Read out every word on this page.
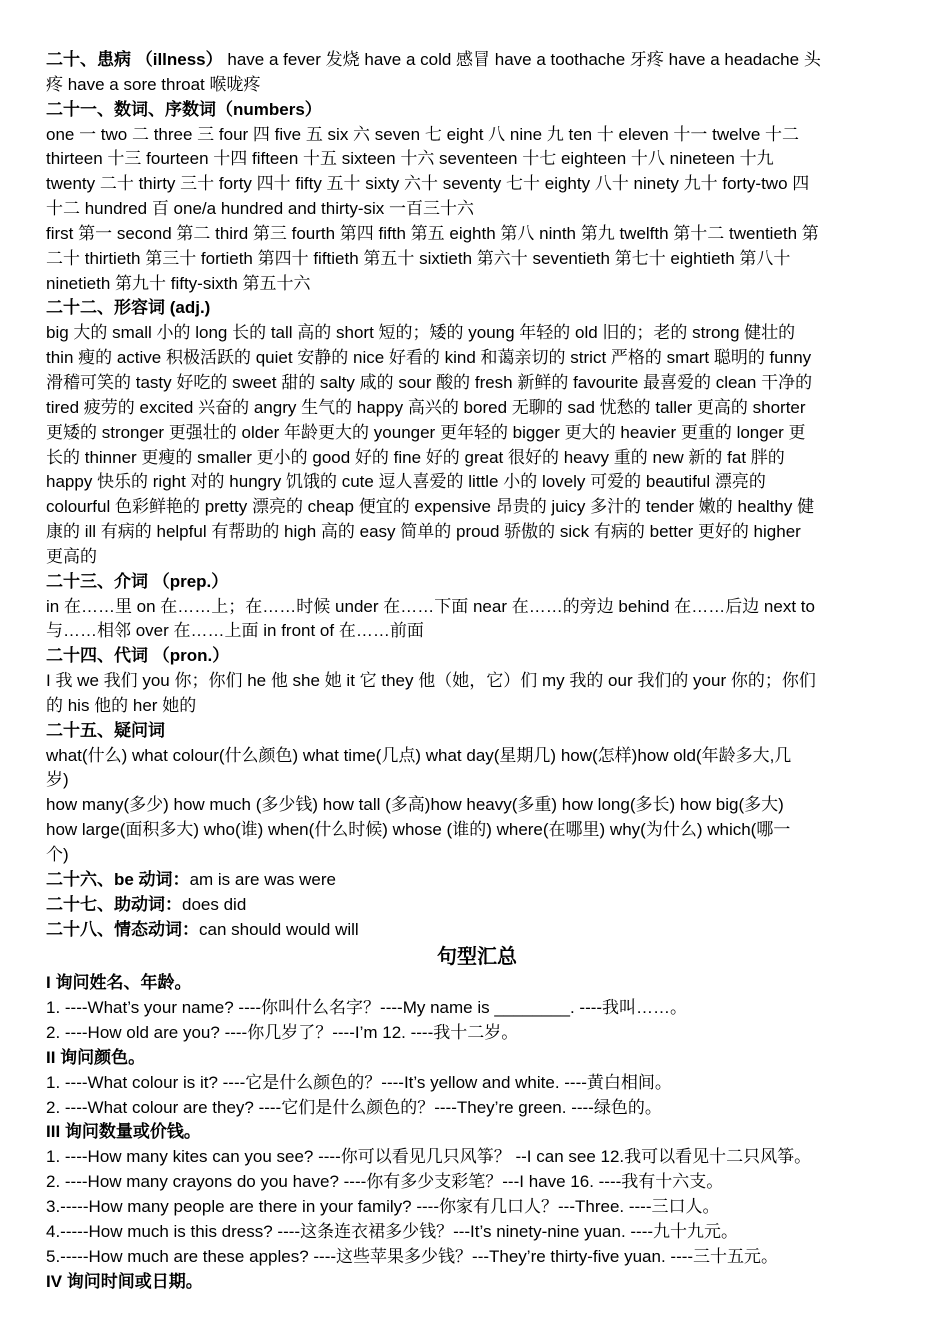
二十、患病 （illness） have a fever 发烧 have a cold 感冒 have a toothache 牙疼 have a headache 头
疼 have a sore throat 喉咙疼
二十一、数词、序数词（numbers）
one 一 two 二 three 三 four 四 five 五 six 六 seven 七 eight 八 nine 九 ten 十 eleven 十一 twelve 十二
thirteen 十三 fourteen 十四 fifteen 十五 sixteen 十六 seventeen 十七 eighteen 十八 nineteen 十九
twenty 二十 thirty 三十 forty 四十 fifty 五十 sixty 六十 seventy 七十 eighty 八十 ninety 九十 forty-two 四
十二 hundred 百 one/a hundred and thirty-six 一百三十六
first 第一 second 第二 third 第三 fourth 第四 fifth 第五 eighth 第八 ninth 第九 twelfth 第十二 twentieth 第
二十 thirtieth 第三十 fortieth 第四十 fiftieth 第五十 sixtieth 第六十 seventieth 第七十 eightieth 第八十
ninetieth 第九十 fifty-sixth 第五十六
二十二、形容词 (adj.)
big 大的 small 小的 long 长的 tall 高的 short 短的；矮的 young 年轻的 old 旧的；老的 strong 健壮的
thin 瘦的 active 积极活跃的 quiet 安静的 nice 好看的 kind 和蔼亲切的 strict 严格的 smart 聪明的 funny
滑稽可笑的 tasty 好吃的 sweet 甜的 salty 咸的 sour 酸的 fresh 新鲜的 favourite 最喜爱的 clean 干净的
tired 疲劳的 excited 兴奋的 angry 生气的 happy 高兴的 bored 无聊的 sad 忧愁的 taller 更高的 shorter
更矮的 stronger 更强壮的 older 年龄更大的 younger 更年轻的 bigger 更大的 heavier 更重的 longer 更
长的 thinner 更瘦的 smaller 更小的 good 好的 fine 好的 great 很好的 heavy 重的 new 新的 fat 胖的
happy 快乐的 right 对的 hungry 饥饿的 cute 逗人喜爱的 little 小的 lovely 可爱的 beautiful 漂亮的
colourful 色彩鲜艳的 pretty 漂亮的 cheap 便宜的 expensive 昂贵的 juicy 多汁的 tender 嫩的 healthy 健
康的 ill 有病的 helpful 有帮助的 high 高的 easy 简单的 proud 骄傲的 sick 有病的 better 更好的 higher
更高的
二十三、介词 （prep.）
in 在……里 on 在……上；在……时候 under 在……下面 near 在……的旁边 behind 在……后边 next to
与……相邻 over 在……上面 in front of 在……前面
二十四、代词 （pron.）
I 我 we 我们 you 你；你们 he 他 she 她 it 它 they 他（她，它）们 my 我的 our 我们的 your 你的；你们
的 his 他的 her 她的
二十五、疑问词
what(什么) what colour(什么颜色) what time(几点) what day(星期几) how(怎样)how old(年龄多大,几
岁)
how many(多少) how much (多少钱) how tall (多高)how heavy(多重) how long(多长) how big(多大)
how large(面积多大) who(谁) when(什么时候) whose (谁的) where(在哪里) why(为什么) which(哪一
个)
二十六、be 动词：am is are was were
二十七、助动词：does did
二十八、情态动词：can should would will
句型汇总
I 询问姓名、年龄。
1. ----What’s your name? ----你叫什么名字？----My name is ________. ----我叫……。
2. ----How old are you? ----你几岁了？----I’m 12. ----我十二岁。
II 询问颜色。
1. ----What colour is it? ----它是什么颜色的？----It’s yellow and white. ----黄白相间。
2. ----What colour are they? ----它们是什么颜色的？----They’re green. ----绿色的。
III 询问数量或价钱。
1. ----How many kites can you see? ----你可以看见几只风筝？ --I can see 12.我可以看见十二只风筝。
2. ----How many crayons do you have? ----你有多少支彩笔？---I have 16. ----我有十六支。
3.-----How many people are there in your family? ----你家有几口人？---Three. ----三口人。
4.-----How much is this dress? ----这条连衣裙多少钱？---It’s ninety-nine yuan. ----九十九元。
5.-----How much are these apples? ----这些苹果多少钱？---They’re thirty-five yuan. ----三十五元。
IV 询问时间或日期。
